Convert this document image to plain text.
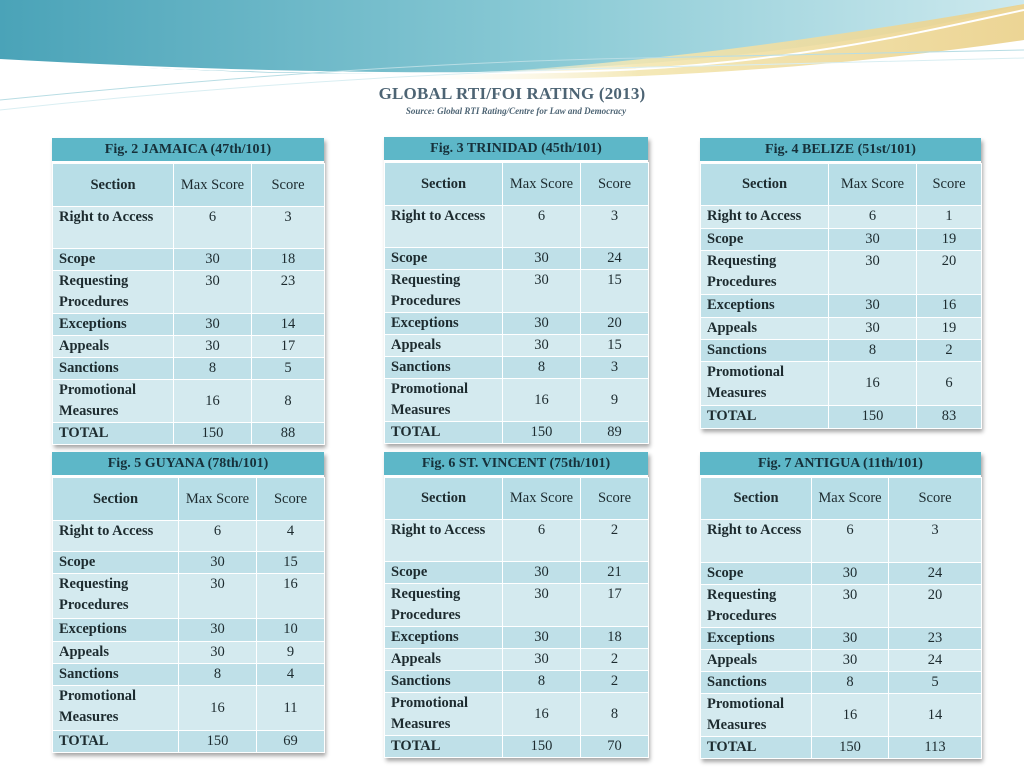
GLOBAL RTI/FOI RATING (2013)
Source: Global RTI Rating/Centre for Law and Democracy
Fig. 2 JAMAICA (47th/101)
Section	Max Score	Score
Right to Access	6	3
Scope	30	18
Requesting Procedures	30	23
Exceptions	30	14
Appeals	30	17
Sanctions	8	5
Promotional Measures	16	8
TOTAL	150	88
Fig. 3 TRINIDAD (45th/101)
Section	Max Score	Score
Right to Access	6	3
Scope	30	24
Requesting Procedures	30	15
Exceptions	30	20
Appeals	30	15
Sanctions	8	3
Promotional Measures	16	9
TOTAL	150	89
Fig. 4 BELIZE (51st/101)
Section	Max Score	Score
Right to Access	6	1
Scope	30	19
Requesting Procedures	30	20
Exceptions	30	16
Appeals	30	19
Sanctions	8	2
Promotional Measures	16	6
TOTAL	150	83
Fig. 5 GUYANA (78th/101)
Section	Max Score	Score
Right to Access	6	4
Scope	30	15
Requesting Procedures	30	16
Exceptions	30	10
Appeals	30	9
Sanctions	8	4
Promotional Measures	16	11
TOTAL	150	69
Fig. 6 ST. VINCENT (75th/101)
Section	Max Score	Score
Right to Access	6	2
Scope	30	21
Requesting Procedures	30	17
Exceptions	30	18
Appeals	30	2
Sanctions	8	2
Promotional Measures	16	8
TOTAL	150	70
Fig. 7 ANTIGUA (11th/101)
Section	Max Score	Score
Right to Access	6	3
Scope	30	24
Requesting Procedures	30	20
Exceptions	30	23
Appeals	30	24
Sanctions	8	5
Promotional Measures	16	14
TOTAL	150	113
